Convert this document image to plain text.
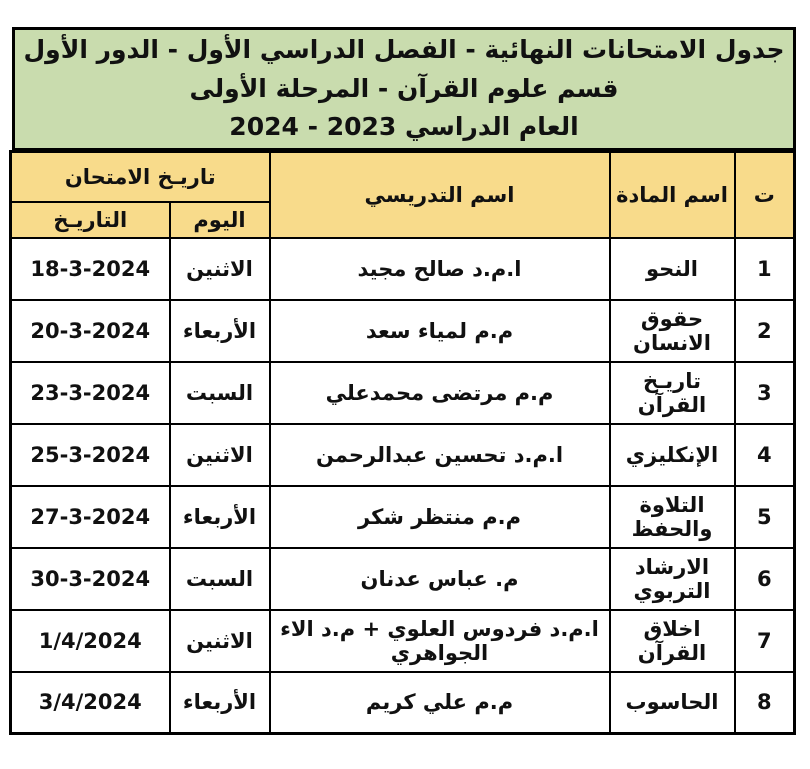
جدول الامتحانات النهائية - الفصل الدراسي الأول - الدور الأول
قسم علوم القرآن - المرحلة الأولى
العام الدراسي 2023 - 2024
ت	اسم المادة	اسم التدريسي	تاريـخ الامتحان	
			اليوم	التاريـخ
1	النحو	ا.م.د صالح مجيد	الاثنين	18-3-2024
2	حقوق الانسان	م.م لمياء سعد	الأربعاء	20-3-2024
3	تاريـخ القرآن	م.م مرتضى محمدعلي	السبت	23-3-2024
4	الإنكليزي	ا.م.د تحسين عبدالرحمن	الاثنين	25-3-2024
5	التلاوة والحفظ	م.م منتظر شكر	الأربعاء	27-3-2024
6	الارشاد التربوي	م. عباس عدنان	السبت	30-3-2024
7	اخلاق القرآن	ا.م.د فردوس العلوي + م.د الاء الجواهري	الاثنين	1/4/2024
8	الحاسوب	م.م علي كريم	الأربعاء	3/4/2024
